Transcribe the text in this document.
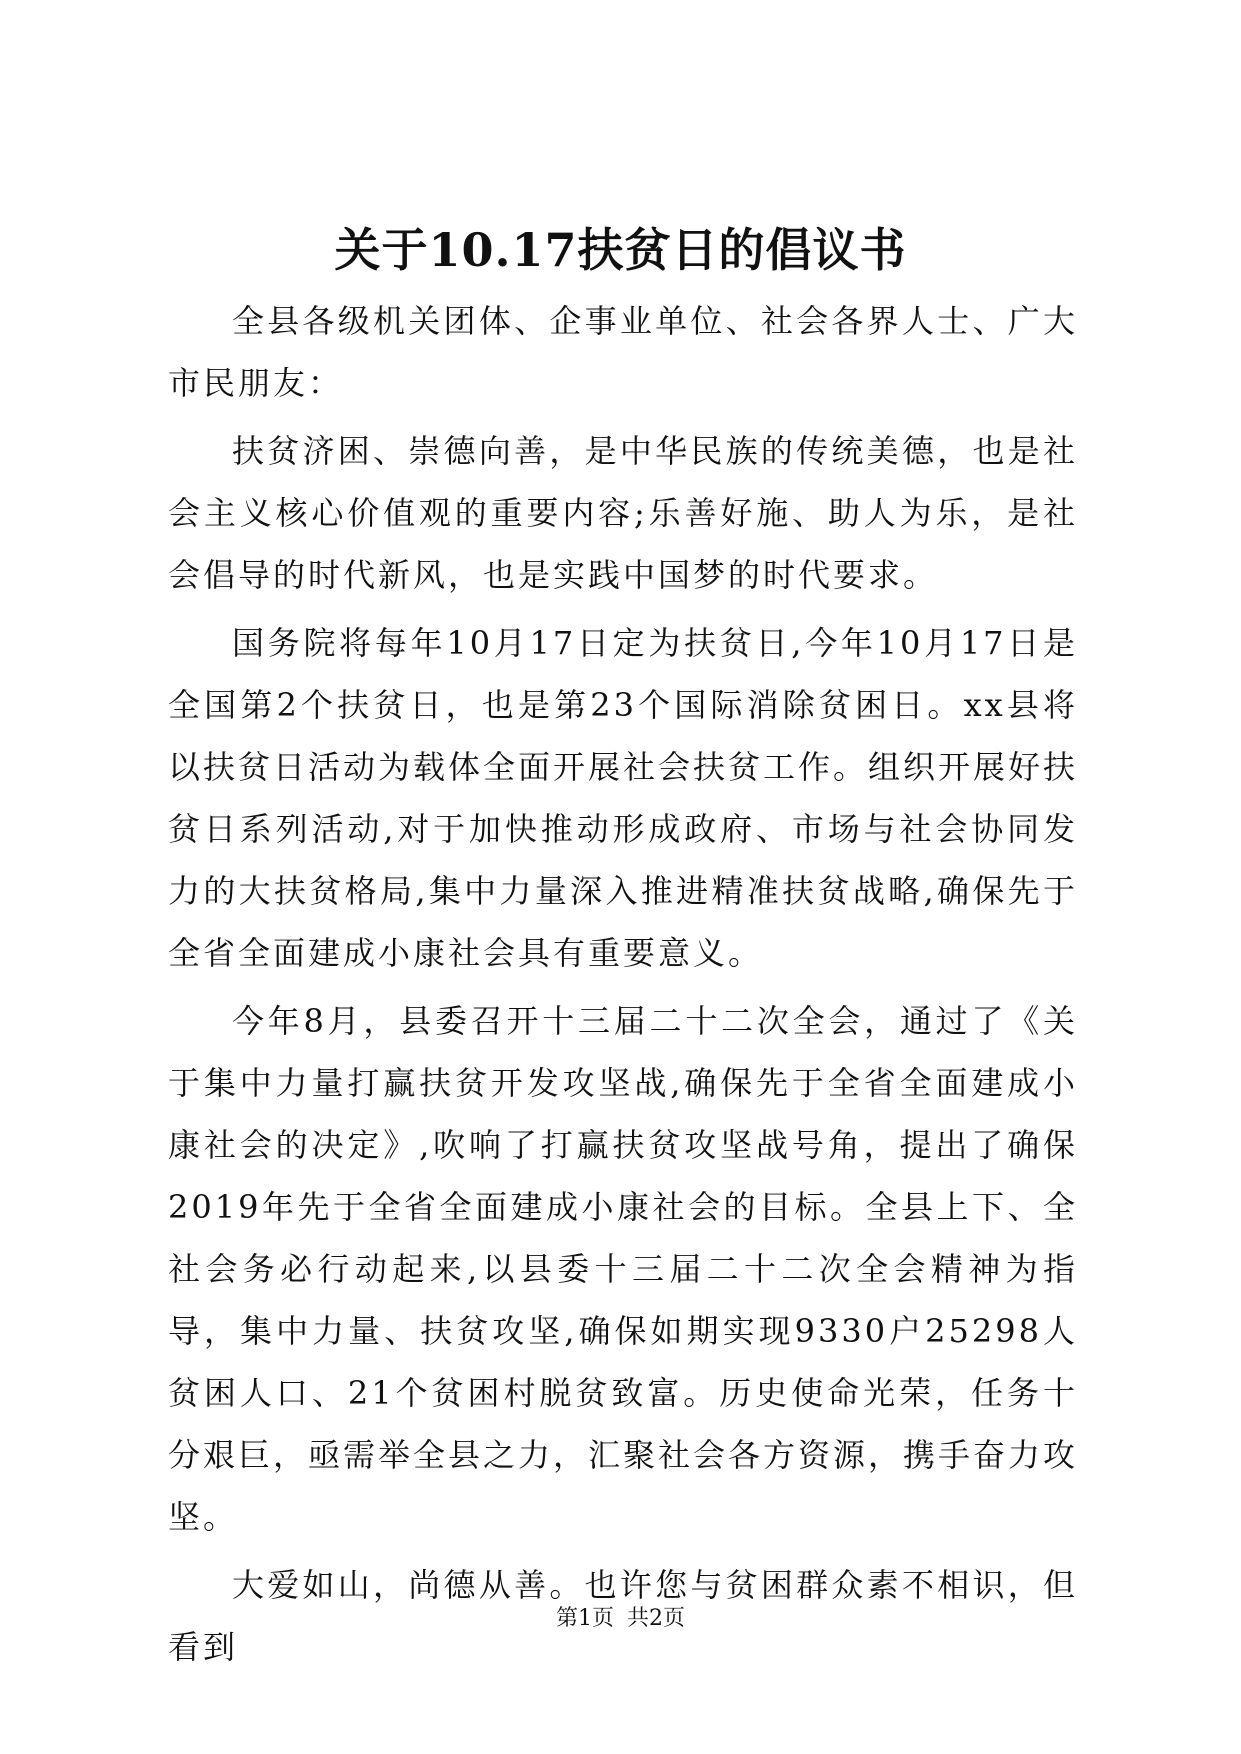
关于10.17扶贫日的倡议书

全县各级机关团体、企事业单位、社会各界人士、广大市民朋友：

扶贫济困、崇德向善，是中华民族的传统美德，也是社会主义核心价值观的重要内容;乐善好施、助人为乐，是社会倡导的时代新风，也是实践中国梦的时代要求。

国务院将每年10月17日定为扶贫日,今年10月17日是全国第2个扶贫日，也是第23个国际消除贫困日。xx县将以扶贫日活动为载体全面开展社会扶贫工作。组织开展好扶贫日系列活动,对于加快推动形成政府、市场与社会协同发力的大扶贫格局,集中力量深入推进精准扶贫战略,确保先于全省全面建成小康社会具有重要意义。

今年8月，县委召开十三届二十二次全会，通过了《关于集中力量打赢扶贫开发攻坚战,确保先于全省全面建成小康社会的决定》,吹响了打赢扶贫攻坚战号角，提出了确保2019年先于全省全面建成小康社会的目标。全县上下、全社会务必行动起来,以县委十三届二十二次全会精神为指导，集中力量、扶贫攻坚,确保如期实现9330户25298人贫困人口、21个贫困村脱贫致富。历史使命光荣，任务十分艰巨，亟需举全县之力，汇聚社会各方资源，携手奋力攻坚。

大爱如山，尚德从善。也许您与贫困群众素不相识，但看到

第1页 共2页
